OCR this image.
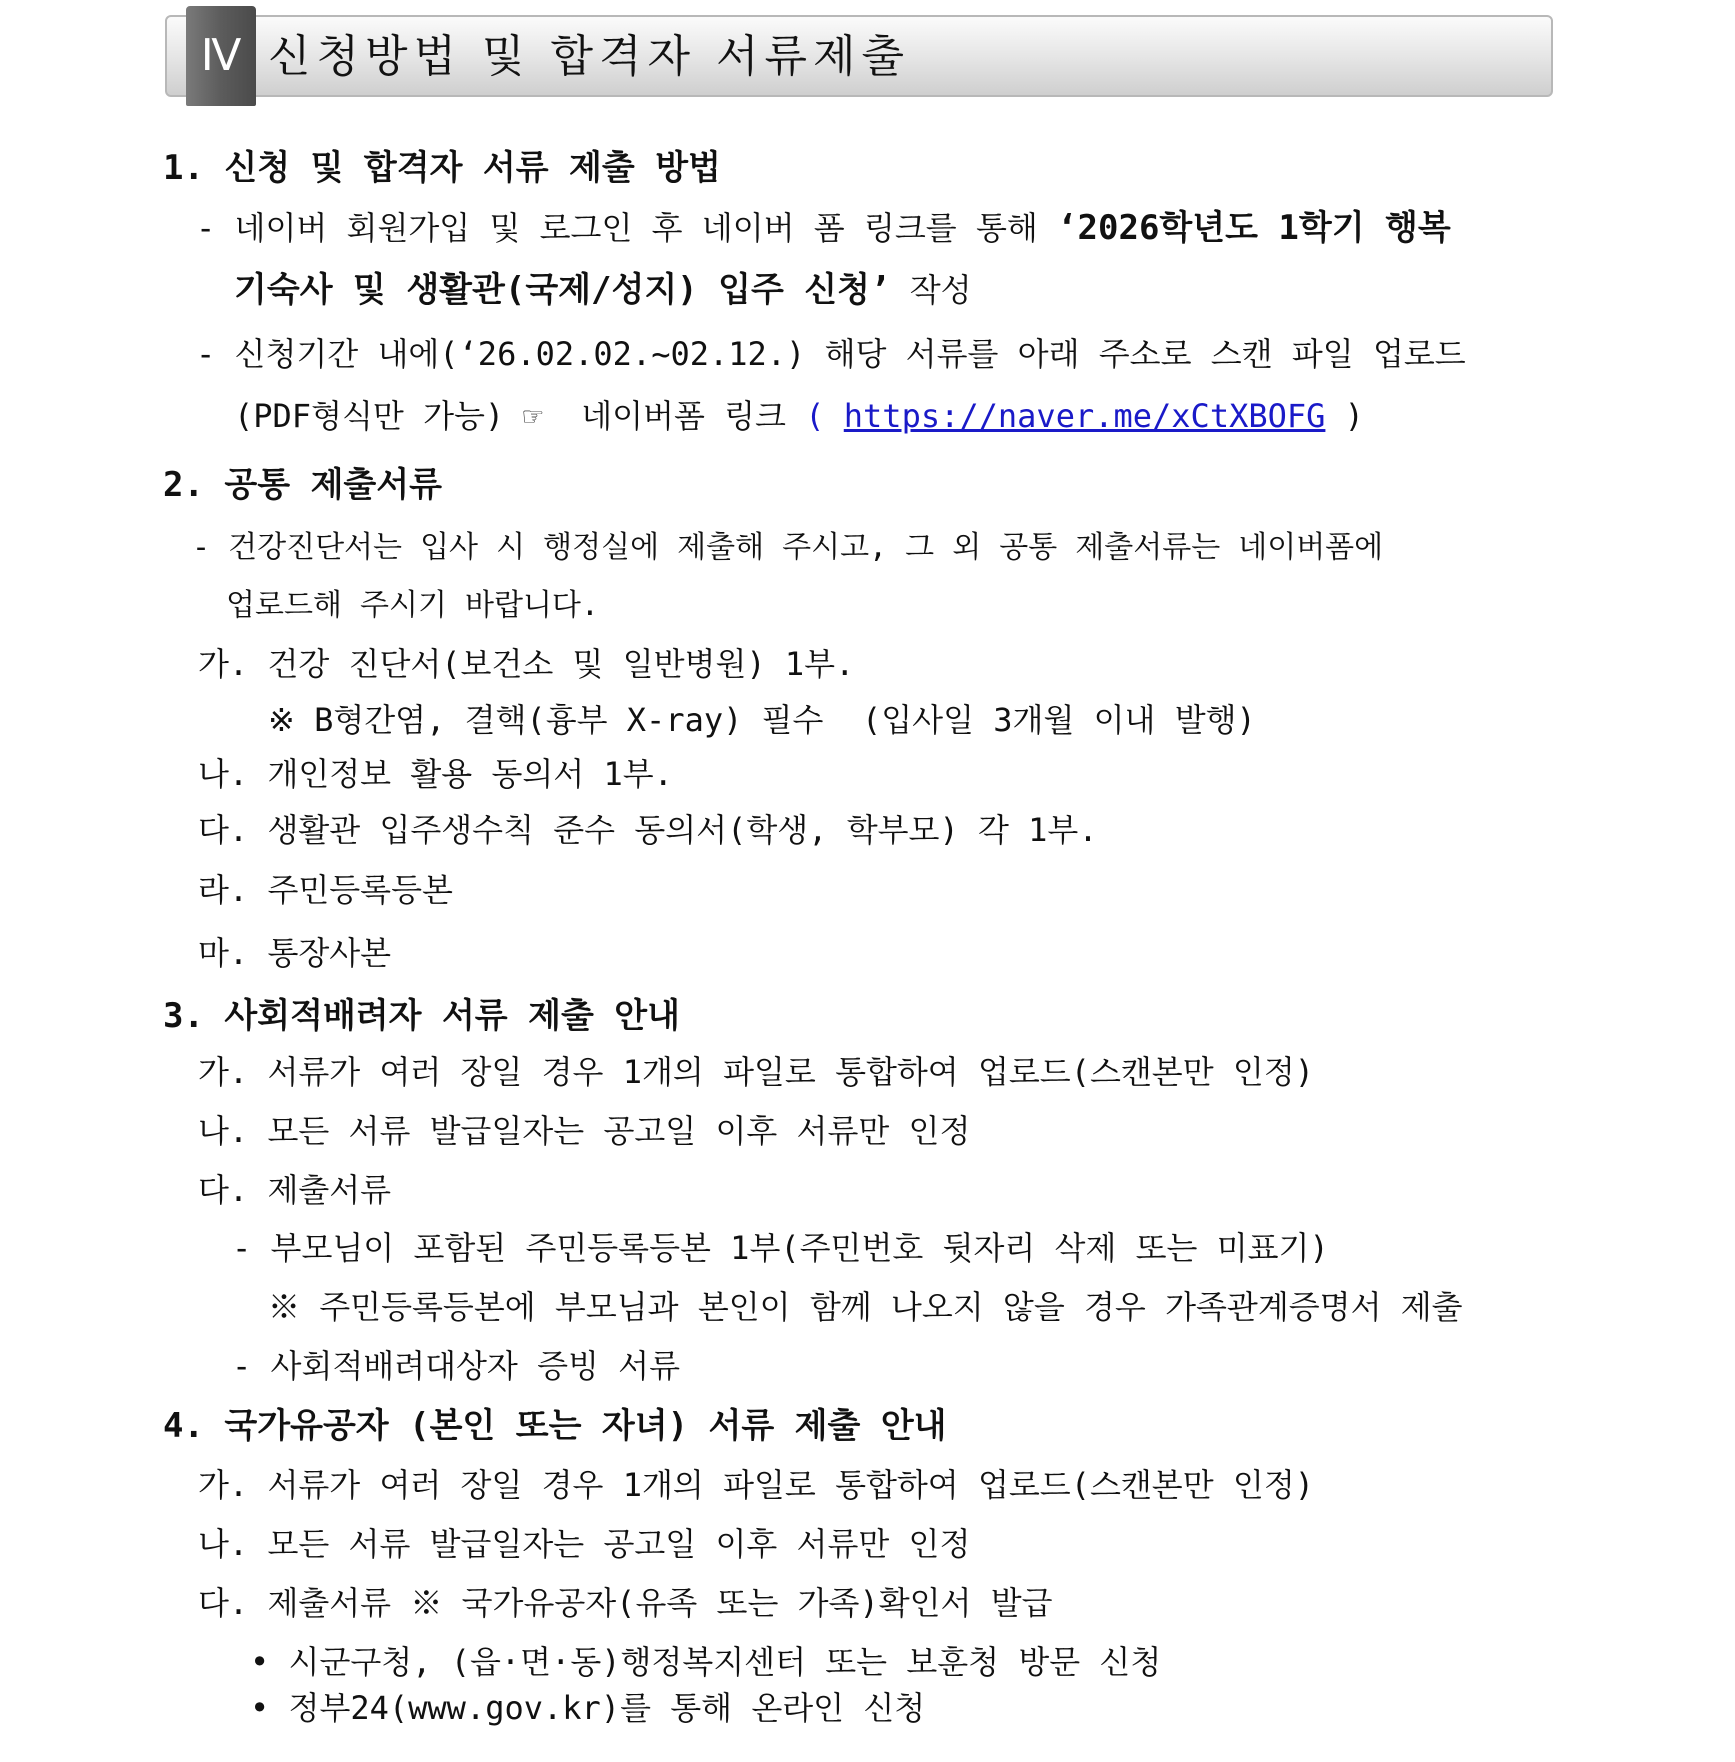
Ⅳ 신청방법 및 합격자 서류제출
1. 신청 및 합격자 서류 제출 방법
- 네이버 회원가입 및 로그인 후 네이버 폼 링크를 통해 ‘2026학년도 1학기 행복
기숙사 및 생활관(국제/성지) 입주 신청’ 작성
- 신청기간 내에(‘26.02.02.~02.12.) 해당 서류를 아래 주소로 스캔 파일 업로드
(PDF형식만 가능) ☞  네이버폼 링크 ( https://naver.me/xCtXBOFG )
2. 공통 제출서류
- 건강진단서는 입사 시 행정실에 제출해 주시고, 그 외 공통 제출서류는 네이버폼에
업로드해 주시기 바랍니다.
가. 건강 진단서(보건소 및 일반병원) 1부.
※ B형간염, 결핵(흉부 X-ray) 필수  (입사일 3개월 이내 발행)
나. 개인정보 활용 동의서 1부.
다. 생활관 입주생수칙 준수 동의서(학생, 학부모) 각 1부.
라. 주민등록등본
마. 통장사본
3. 사회적배려자 서류 제출 안내
가. 서류가 여러 장일 경우 1개의 파일로 통합하여 업로드(스캔본만 인정)
나. 모든 서류 발급일자는 공고일 이후 서류만 인정
다. 제출서류
- 부모님이 포함된 주민등록등본 1부(주민번호 뒷자리 삭제 또는 미표기)
※ 주민등록등본에 부모님과 본인이 함께 나오지 않을 경우 가족관계증명서 제출
- 사회적배려대상자 증빙 서류
4. 국가유공자 (본인 또는 자녀) 서류 제출 안내
가. 서류가 여러 장일 경우 1개의 파일로 통합하여 업로드(스캔본만 인정)
나. 모든 서류 발급일자는 공고일 이후 서류만 인정
다. 제출서류 ※ 국가유공자(유족 또는 가족)확인서 발급
• 시군구청, (읍·면·동)행정복지센터 또는 보훈청 방문 신청
• 정부24(www.gov.kr)를 통해 온라인 신청
